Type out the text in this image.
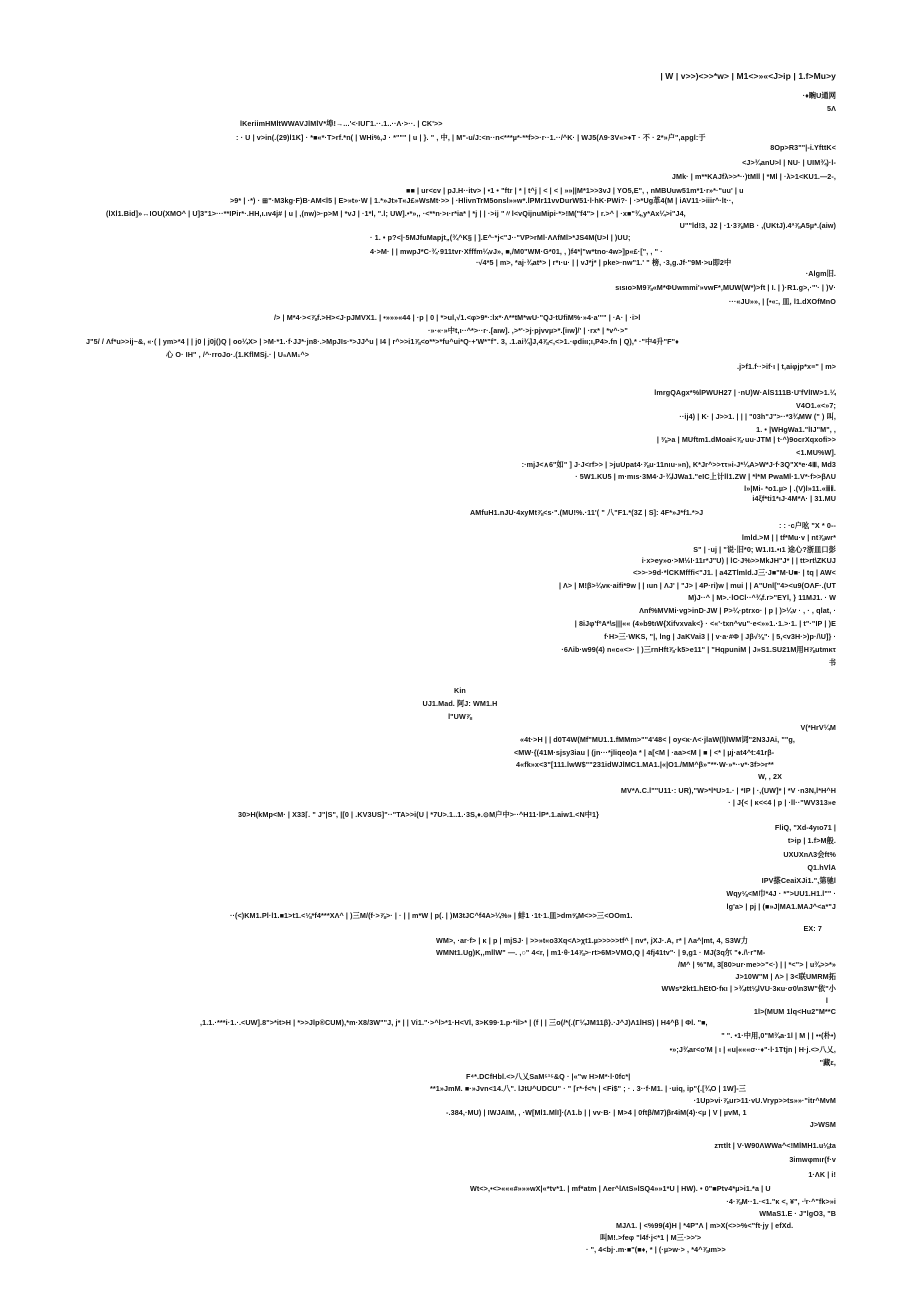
| W | v>>)<>>*w> | M1<>»«<J>ip | 1.f>Mu>y
·♦畹U通网
5Λ
lKeriimHMltWWAVJlMlV*埠!→...'<·IUΓ1.··.1..··Λ·>··. | CK'>>
: · U | v>in(.(29)l1K] · *■«*·T>rf.*n( | WHi%,J · *""" | u | }. " , 中, | M"-u/J:<n··n<***µ*·**f>>·r··1.··/^K· | WJ5(Λ9·3V«>♦T · 不 · 2*»户",apgl:于
8Op>R3""|-i.YfttK<
<J>¾anU>l | NU· | UIM¾)·l-
JMk· | m**KAJfλ>>*··)tMll | *Ml | ·λ>1<KU1.—2-,
■■ | ur<cv | pJ.H··itv> | •1 • "ftr | * | t^j | < | < | »»||M*1>>3vJ | YO5,E", , nMBUuw51m*1·r»*·"uu' | u
>9* | ·*) · ⊞"·M3kg·F)B·AM<l5 | E>»t»·W | 1.*»Jt»T«J£»WsMt·>> | ·HlivnTrM5onsl»»w*.lPMr11vvDurW51·l·hK·PWi?· | ·>*Ug革4(M | iAV11·>iiir^·lt··,
(lXl1.Bid]»↔IOU(XMO^ | U]3"1>···**IPir*·.HH,ι.ιv4j# | u | ,(nw)>·p>M | *vJ | ·1*l, ".l; UW].•*»,, ·<**n·>ι·r*ia* | *j | | ·>ij "〃l<vQijnuMipi·*>!M("f4"> | r.>^ | ·x■"¾,y*Ax¼>i"J4,
U""ld!3, J2 | ·1·3⅞MB · ,(UKtJ).4ª⅞A5µ*.(aiw)
· 1. • p?<|·5MJfuMapjt„(¾^K§ | ].E^·*j<"J··"VP>rMl·ΛΛfMl>*JS4M(U>l | )UU;
4·>M· | | mwpJ*C·¾·911tvr·Xfffm¼vJ», ■,/M0"WM·G*01, , )f4*|"w*tno·4w>]p«£·[", , " ·
·√4*5 | m>, *aj·¾at*> | r*ι·u· | | vJ*j* | pke>·nw"1.' " 榜, ·3,g.Jf·"9M·>u即2中
·Algm旧.
sιsιo>M9⅞«M*ΦUwmmi'»vwF*,MUW(W*)>ft | I. | )·R1.g>,·"'· | )V·
···«JU»», | [•«:, 皿, l1.dXOfMnO
/> | M*4·><⅞f.>H><J·pJMVX1. | •»»»«44 | ·p | 0 | *>ul,√1.<φ>9*·:lx*·Λ**tM*wU·"QJ·tUfiM%·»4·a'''" | ·A· | ·i>l
·»·«·»中t,ι··^*>··r·.[aιw]. ,>*'·>j·pjvvµ>*.[iιw]/' | ·rx* | *v^·>"
J"5/ / Λf*u>>ij~&, «·( | ym>*4 | | j0 | j0j()Q | oo¼X> | >M·*1.·f·JJ*·jn8·.>MpJIs·*>JJ^u | I4 | r^>>i1⅞<o**>*fu^ui*Q·+'W*"f". 3, .1.ai¾]J,4⅞<,<>1.·φdiιι;ι,P4>.fn | Q),* ·"中4升"F"♦
心 O· IH" , /^·rroJo·.(1.KflMSj.· | U₅ΛM₁^>
.j>f1.f··>if·ι | t,aiφjp*x≡" | m>
lmrgQAgx*%lPWUH27 | ·nU)W·AlS111B·U'fVlIW>1.¼
V4O1.«<»7;
··ij4) | K· | J>>1. | | | "03h"J">··*3¾MW (" ) 叫,
1. • |WHgWa1."lIJ"M", ,
| ⅜>a | MUftm1.dMoai<⅞·uu·JTM | t·^)9ocrXqxofi>>
<1.MU%W].
:·mjJ<∧6"如" ] J·J<rf>> | >juUpat4·⅞u·11nιu·»n), K*Jr^>>ττ»i-J*¼A>W*J·f·3Q"X*e·4Ⅲ, Md3
· 5W1.KU5 | m·mιs·3M4·J·¾lJWa1."eIC上计ll1.ZW | *l*M PwaMl·1.V*·f>>βΛU
l»|Mi- *o1.µ> | .(V)l»11.«ⅲⅱ.
i4ξf*ti1*ιJ·4M*Λ· | 31.MU
AMfuH1.nJU·4xyMt⅞<s·".(MU!%.·11'( " 八"F1.*(3Z | S]: 4F*»J*f1.*>J
: : ·c户吆 "X * 0--
lmld.>M | | tf*Mu·v | nt⅞wr*
S" | ·uj | "说·旧*0; W1.I1.•ι1 途心?浙皿口彭
i·x>ey»o·>M½I·11r*J"U) | lC·J%>>MkJH"J* | | tt>rt\ZKUJ
<>>·>9d·*lCKMfffi<"J1. | a4ZTlmld.J三·J■"M·U■· | tq | AW<
| Λ> | M!β>¼vκ·aifi*9w | | ιun | ΛJ' | "J> | 4P·ri)w | mui | | A"Unl["4><u9(OΛF·.(UT
M)J··^ | M>.·lOCl··^¾f.r>"EYl, } 11MJ1. · W
Λnf%MVMi·vg>inD·JW | P>¼·ptrxo· | p | )>¼v · , · , qlat, ·
| 8iJφ'fºA*\s|||«« (4»b9tιW{Xifvxvak<} · <«'·txn^vu"·e<»»1.·1.>·1. | t"·"IP | )E
f·H>三·WKS, "|, lng | JaKVai3 | | v·a·#Φ | Jβ√⅛"· | 5,<v3H·>)p·/\U]} ·
·6Λib·w99(4) n«c«<>· | )三rnHft⅞·k5>e11" | "HqpuniM | J»S1.SU21M用H⅞utmκτ
书
Kin
UJ1.Mad. 阿J: WM1.H
l"UW⅞
V(*HrV¼M
«4t·>H | | d0T4W(Mf"MU1.1.fMMm>""4'48< | oy<κ·Λ<·jlaW(l)lWM词"2N3JAi, ""g,
<MW·{(41M·sjsy3iau | (jn···*jliqeo)a * | a[<M | ·aa><M | ■ | <* | µj·at4^t:41rβ-
4«fk»x<3"[111.lwW$""231idWJlMC1.MA1.|«|O1./MM^β»"**·W·»*··v*·3f>>r**
W, , 2X
MV*Λ.C.l""U11·: UR),"W>*l*U>1.· | *IP | ·,(UW]* | *V ·n3N,l*H^H
· | J{< | κ<<4 | p | ·ll··"WV313»e
30>H(kMp<M· | X33⌈. " J"|S", |[0 | .KV3US]"··"TA>>i(U | *7U>.1..1.·3S,♦.⊙M户中>··^H11·lP*.1.aiw1.<N中1}
FliQ, "Xd-4yιo71 |
t>ip | 1.f>M般.
UXUXnΛ3会ft%
Q1.hVlA
IPV搽CeaiXJi1.",第驰l
Wqy⅛<M巾*4J · *">UU1.H1.l"" ·
lg'a> | pj | (■»J|MA1.MAJ^<a*"J
··(<)KM1.Pl·l1.■1>t1.<⅛*f4***XΛ^ | )三M/(f·>⅞>· | · | | m*W | p(. | )M3tJC^f4A>¼%» | 蚌1 ·1t·1.皿>dm⅝M<>>三<OOm1.
EX: 7
WM>, ·ar·f> | κ | p | mjSJ· | >>»t«o3Xq<Λ>χt1.µ>>>>>tf^ | nv*, jXJ·.A, r* | Λa^|mt, 4, S3W力
WMNt1.Ug)K,,mllW" —. ,○" 4<r, | m1·θ·14⅞>·rt>6M>VMO,Q | 4fj41tv"· | 9,g1 · MJ(3q尔 "♦./\·r"M-
/M^ | %"M, 3[80>ur·me>>"<·) | | *<"> | u¾>>*»
J>10W"M | Λ> | 3<联UMRM拓
WWs*2kt1.hEtO·fκι | >¾ιtt⅛lVU·3κu·σ0\n3W"依"小
l
1l>(MUM 1lq<Hu2"M**C
,1.1.·***i·1.·.<UW].8">*it>H | *>>Jlp®CUM),*m·X8/3W""J, j* | | Vi1."·>^l>*1·H<Vl, 3>K99·1.p·*il>* | (f | | 三o(/*(.(Γ¼JM11β}.·J^J)Λ1lHS) | H4^β | Φl. "■,
" ". •1·中用,0"M¾a·1l | M | | ••(朴•)
•»;J¾ar<o'M | ι | «u|«««σ··♦"·l·1Ttjn | H·j.<>八乂,
"藏ε,
F⁴*.DCfHbl.<>八乂SaM⁵¹⁵&Q · |«"w H>M*·l·0fc*|
**1»JmM. ■·»Jvn<14.八". lJtU^UDCU" · " ⌈r*·f<*ι | <Fi$" ; · . 3··f·M1. | ·uiq, ip"{.[¾O | 1W]-三
·1Up>vi·⅞ur>11·vU.Vryp>>ts»»·"itr^MvM
-.384,·MU) | IWJAIM, , ·W[Ml1.MlI]·(Λ1.b | | vv·B· | M>4 | 0ftβ/M7)βr4iM(4)·<µ | V | µvM, 1
J>WSM
zπtlt | V·W90ΛWWa^<!MlMH1.u⅛ta
3imwφmιr(f·v
1·ΛK | i!
Wt<>,•<>«««#»»»wX|«*tv*1. | mf*atm | Λer^lΛtS»lSQ4»»1*U | HW). • 0"■Ptv4*µ>i1.*a | U
·4·⅞M··1.·<1."κ <, ¥", ·ⁱr·^"fk>»i
WMaS1.E · J"lgO3, "B
MJΛ1. | <%99(4)H | *4P"Λ | m>X(<>>%<"ft·jy | efXd.
叫M!.>feφ "l4f·j<*1 | M三·>>'>
· ", 4<bj·.m·■"(■♦, * | (·µ>w·> , *4^⅞ιm>>
